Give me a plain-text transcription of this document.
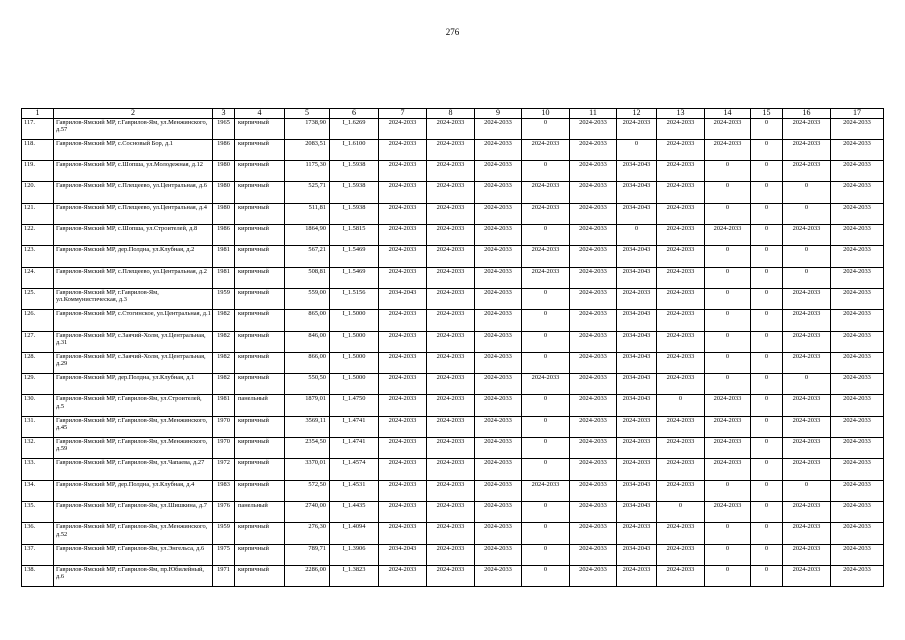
276
1	2	3	4	5	6	7	8	9	10	11	12	13	14	15	16	17
117.	Гаврилов-Ямский МР, г.Гаврилов-Ям, ул.Менжинского, д.57	1965	кирпичный	1738,90	I_1.6269	2024-2033	2024-2033	2024-2033	0	2024-2033	2024-2033	2024-2033	2024-2033	0	2024-2033	2024-2033
118.	Гаврилов-Ямский МР, с.Сосновый Бор, д.1	1986	кирпичный	2083,51	I_1.6100	2024-2033	2024-2033	2024-2033	2024-2033	2024-2033	0	2024-2033	2024-2033	0	2024-2033	2024-2033
119.	Гаврилов-Ямский МР, с.Шопша, ул.Молодежная, д.12	1980	кирпичный	1175,30	I_1.5938	2024-2033	2024-2033	2024-2033	0	2024-2033	2034-2043	2024-2033	0	0	2024-2033	2024-2033
120.	Гаврилов-Ямский МР, с.Плещеево, ул.Центральная, д.6	1980	кирпичный	525,71	I_1.5938	2024-2033	2024-2033	2024-2033	2024-2033	2024-2033	2034-2043	2024-2033	0	0	0	2024-2033
121.	Гаврилов-Ямский МР, с.Плещеево, ул.Центральная, д.4	1980	кирпичный	511,81	I_1.5938	2024-2033	2024-2033	2024-2033	2024-2033	2024-2033	2034-2043	2024-2033	0	0	0	2024-2033
122.	Гаврилов-Ямский МР, с.Шопша, ул.Строителей, д.8	1986	кирпичный	1864,90	I_1.5815	2024-2033	2024-2033	2024-2033	0	2024-2033	0	2024-2033	2024-2033	0	2024-2033	2024-2033
123.	Гаврилов-Ямский МР, дер.Полдна, ул.Клубная, д.2	1981	кирпичный	567,21	I_1.5469	2024-2033	2024-2033	2024-2033	2024-2033	2024-2033	2034-2043	2024-2033	0	0	0	2024-2033
124.	Гаврилов-Ямский МР, с.Плещеево, ул.Центральная, д.2	1981	кирпичный	508,81	I_1.5469	2024-2033	2024-2033	2024-2033	2024-2033	2024-2033	2034-2043	2024-2033	0	0	0	2024-2033
125.	Гаврилов-Ямский МР, г.Гаврилов-Ям, ул.Коммунистическая, д.3	1959	кирпичный	559,00	I_1.5156	2034-2043	2024-2033	2024-2033	0	2024-2033	2024-2033	2024-2033	0	0	2024-2033	2024-2033
126.	Гаврилов-Ямский МР, с.Стогинское, ул.Центральная, д.1	1982	кирпичный	865,00	I_1.5000	2024-2033	2024-2033	2024-2033	0	2024-2033	2034-2043	2024-2033	0	0	2024-2033	2024-2033
127.	Гаврилов-Ямский МР, с.Заячий-Холм, ул.Центральная, д.31	1982	кирпичный	846,00	I_1.5000	2024-2033	2024-2033	2024-2033	0	2024-2033	2034-2043	2024-2033	0	0	2024-2033	2024-2033
128.	Гаврилов-Ямский МР, с.Заячий-Холм, ул.Центральная, д.29	1982	кирпичный	866,00	I_1.5000	2024-2033	2024-2033	2024-2033	0	2024-2033	2034-2043	2024-2033	0	0	2024-2033	2024-2033
129.	Гаврилов-Ямский МР, дер.Полдна, ул.Клубная, д.1	1982	кирпичный	550,50	I_1.5000	2024-2033	2024-2033	2024-2033	2024-2033	2024-2033	2034-2043	2024-2033	0	0	0	2024-2033
130.	Гаврилов-Ямский МР, г.Гаврилов-Ям, ул.Строителей, д.5	1981	панельный	1879,01	I_1.4750	2024-2033	2024-2033	2024-2033	0	2024-2033	2034-2043	0	2024-2033	0	2024-2033	2024-2033
131.	Гаврилов-Ямский МР, г.Гаврилов-Ям, ул.Менжинского, д.45	1970	кирпичный	3569,11	I_1.4741	2024-2033	2024-2033	2024-2033	0	2024-2033	2024-2033	2024-2033	2024-2033	0	2024-2033	2024-2033
132.	Гаврилов-Ямский МР, г.Гаврилов-Ям, ул.Менжинского, д.59	1970	кирпичный	2354,50	I_1.4741	2024-2033	2024-2033	2024-2033	0	2024-2033	2024-2033	2024-2033	2024-2033	0	2024-2033	2024-2033
133.	Гаврилов-Ямский МР, г.Гаврилов-Ям, ул.Чапаева, д.27	1972	кирпичный	3370,01	I_1.4574	2024-2033	2024-2033	2024-2033	0	2024-2033	2024-2033	2024-2033	2024-2033	0	2024-2033	2024-2033
134.	Гаврилов-Ямский МР, дер.Полдна, ул.Клубная, д.4	1983	кирпичный	572,50	I_1.4531	2024-2033	2024-2033	2024-2033	2024-2033	2024-2033	2034-2043	2024-2033	0	0	0	2024-2033
135.	Гаврилов-Ямский МР, г.Гаврилов-Ям, ул.Шишкина, д.7	1976	панельный	2740,00	I_1.4435	2024-2033	2024-2033	2024-2033	0	2024-2033	2034-2043	0	2024-2033	0	2024-2033	2024-2033
136.	Гаврилов-Ямский МР, г.Гаврилов-Ям, ул.Менжинского, д.52	1959	кирпичный	276,30	I_1.4094	2024-2033	2024-2033	2024-2033	0	2024-2033	2024-2033	2024-2033	0	0	2024-2033	2024-2033
137.	Гаврилов-Ямский МР, г.Гаврилов-Ям, ул.Энгельса, д.6	1975	кирпичный	789,71	I_1.3906	2034-2043	2024-2033	2024-2033	0	2024-2033	2034-2043	2024-2033	0	0	2024-2033	2024-2033
138.	Гаврилов-Ямский МР, г.Гаврилов-Ям, пр.Юбилейный, д.6	1971	кирпичный	2286,00	I_1.3823	2024-2033	2024-2033	2024-2033	0	2024-2033	2024-2033	2024-2033	0	0	2024-2033	2024-2033
